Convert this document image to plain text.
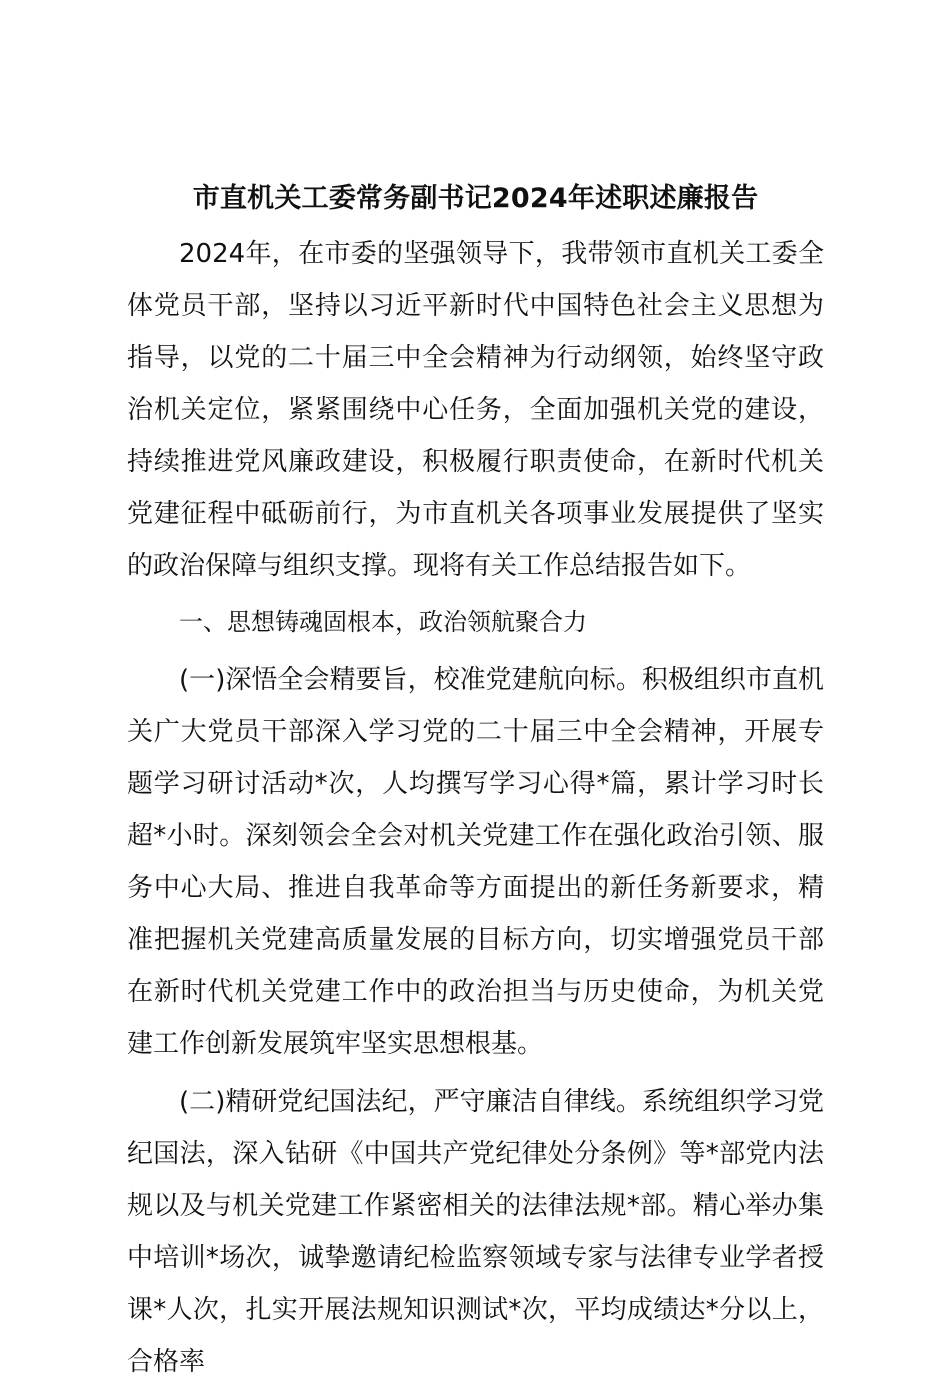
市直机关工委常务副书记2024年述职述廉报告

2024年，在市委的坚强领导下，我带领市直机关工委全体党员干部，坚持以习近平新时代中国特色社会主义思想为指导，以党的二十届三中全会精神为行动纲领，始终坚守政治机关定位，紧紧围绕中心任务，全面加强机关党的建设，持续推进党风廉政建设，积极履行职责使命，在新时代机关党建征程中砥砺前行，为市直机关各项事业发展提供了坚实的政治保障与组织支撑。现将有关工作总结报告如下。

一、思想铸魂固根本，政治领航聚合力

(一)深悟全会精要旨，校准党建航向标。积极组织市直机关广大党员干部深入学习党的二十届三中全会精神，开展专题学习研讨活动*次，人均撰写学习心得*篇，累计学习时长超*小时。深刻领会全会对机关党建工作在强化政治引领、服务中心大局、推进自我革命等方面提出的新任务新要求，精准把握机关党建高质量发展的目标方向，切实增强党员干部在新时代机关党建工作中的政治担当与历史使命，为机关党建工作创新发展筑牢坚实思想根基。

(二)精研党纪国法纪，严守廉洁自律线。系统组织学习党纪国法，深入钻研《中国共产党纪律处分条例》等*部党内法规以及与机关党建工作紧密相关的法律法规*部。精心举办集中培训*场次，诚挚邀请纪检监察领域专家与法律专业学者授课*人次，扎实开展法规知识测试*次，平均成绩达*分以上，合格率
